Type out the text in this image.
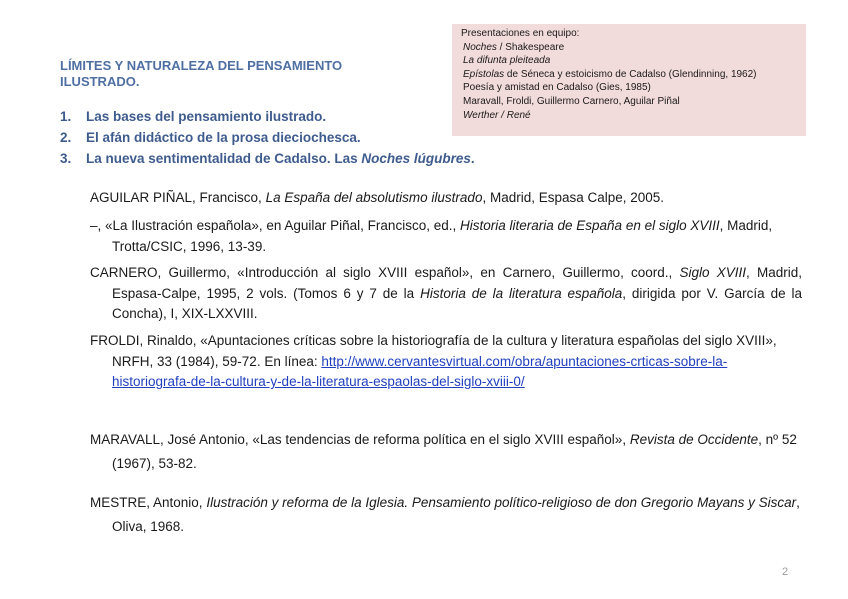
LÍMITES Y NATURALEZA DEL PENSAMIENTO ILUSTRADO.
1. Las bases del pensamiento ilustrado.
2. El afán didáctico de la prosa dieciochesca.
3. La nueva sentimentalidad de Cadalso. Las Noches lúgubres.
Presentaciones en equipo:
Noches / Shakespeare
La difunta pleiteada
Epístolas de Séneca y estoicismo de Cadalso (Glendinning, 1962)
Poesía y amistad en Cadalso (Gies, 1985)
Maravall, Froldi, Guillermo Carnero, Aguilar Piñal
Werther / René
AGUILAR PIÑAL, Francisco, La España del absolutismo ilustrado, Madrid, Espasa Calpe, 2005.
–, «La Ilustración española», en Aguilar Piñal, Francisco, ed., Historia literaria de España en el siglo XVIII, Madrid, Trotta/CSIC, 1996, 13-39.
CARNERO, Guillermo, «Introducción al siglo XVIII español», en Carnero, Guillermo, coord., Siglo XVIII, Madrid, Espasa-Calpe, 1995, 2 vols. (Tomos 6 y 7 de la Historia de la literatura española, dirigida por V. García de la Concha), I, XIX-LXXVIII.
FROLDI, Rinaldo, «Apuntaciones críticas sobre la historiografía de la cultura y literatura españolas del siglo XVIII», NRFH, 33 (1984), 59-72. En línea: http://www.cervantesvirtual.com/obra/apuntaciones-crticas-sobre-la-historiografa-de-la-cultura-y-de-la-literatura-espaolas-del-siglo-xviii-0/
MARAVALL, José Antonio, «Las tendencias de reforma política en el siglo XVIII español», Revista de Occidente, nº 52 (1967), 53-82.
MESTRE, Antonio, Ilustración y reforma de la Iglesia. Pensamiento político-religioso de don Gregorio Mayans y Siscar, Oliva, 1968.
2
